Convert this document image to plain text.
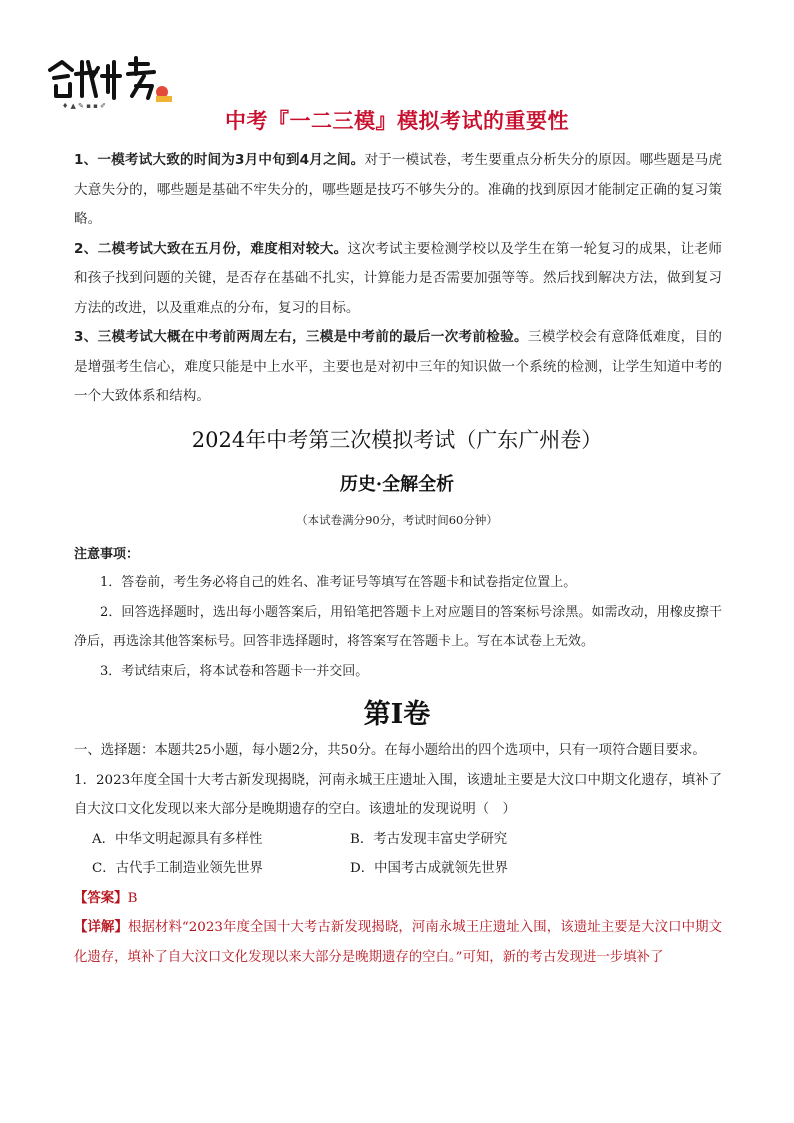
♦ ▲ ✎ ▪ ▪ ✐
中考『一二三模』模拟考试的重要性

1、一模考试大致的时间为3月中旬到4月之间。对于一模试卷，考生要重点分析失分的原因。哪些题是马虎大意失分的，哪些题是基础不牢失分的，哪些题是技巧不够失分的。准确的找到原因才能制定正确的复习策略。

2、二模考试大致在五月份，难度相对较大。这次考试主要检测学校以及学生在第一轮复习的成果，让老师和孩子找到问题的关键，是否存在基础不扎实，计算能力是否需要加强等等。然后找到解决方法，做到复习方法的改进，以及重难点的分布，复习的目标。

3、三模考试大概在中考前两周左右，三模是中考前的最后一次考前检验。三模学校会有意降低难度，目的是增强考生信心，难度只能是中上水平，主要也是对初中三年的知识做一个系统的检测，让学生知道中考的一个大致体系和结构。

2024年中考第三次模拟考试（广东广州卷）
历史·全解全析
（本试卷满分90分，考试时间60分钟）
注意事项：

1．答卷前，考生务必将自己的姓名、准考证号等填写在答题卡和试卷指定位置上。

2．回答选择题时，选出每小题答案后，用铅笔把答题卡上对应题目的答案标号涂黑。如需改动，用橡皮擦干净后，再选涂其他答案标号。回答非选择题时，将答案写在答题卡上。写在本试卷上无效。

3．考试结束后，将本试卷和答题卡一并交回。

第Ⅰ卷

一、选择题：本题共25小题，每小题2分，共50分。在每小题给出的四个选项中，只有一项符合题目要求。

1．2023年度全国十大考古新发现揭晓，河南永城王庄遗址入围，该遗址主要是大汶口中期文化遗存，填补了自大汶口文化发现以来大部分是晚期遗存的空白。该遗址的发现说明（　）

A．中华文明起源具有多样性	B．考古发现丰富史学研究
C．古代手工制造业领先世界	D．中国考古成就领先世界

【答案】B

【详解】根据材料“2023年度全国十大考古新发现揭晓，河南永城王庄遗址入围，该遗址主要是大汶口中期文化遗存，填补了自大汶口文化发现以来大部分是晚期遗存的空白。”可知，新的考古发现进一步填补了
